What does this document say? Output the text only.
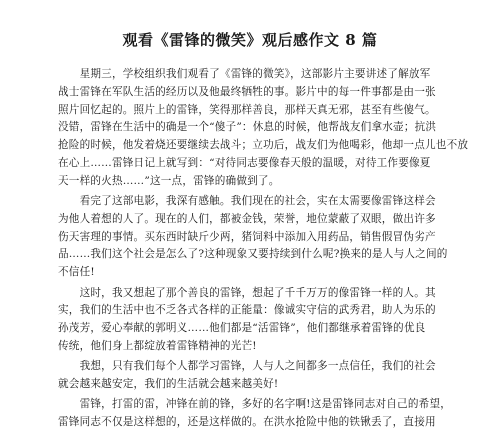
观看《雷锋的微笑》观后感作文 8 篇
　　星期三，学校组织我们观看了《雷锋的微笑》，这部影片主要讲述了解放军
战士雷锋在军队生活的经历以及他最终牺牲的事。影片中的每一件事都是由一张
照片回忆起的。照片上的雷锋，笑得那样善良，那样天真无邪，甚至有些傻气。
没错，雷锋在生活中的确是一个“傻子”：休息的时候，他帮战友们拿水壶；抗洪
抢险的时候，他发着烧还要继续去战斗；立功后，战友们为他喝彩，他却一点儿也不放
在心上……雷锋日记上就写到：“对待同志要像春天般的温暖，对待工作要像夏
天一样的火热……”这一点，雷锋的确做到了。
　　看完了这部电影，我深有感触。我们现在的社会，实在太需要像雷锋这样会
为他人着想的人了。现在的人们，都被金钱，荣誉，地位蒙蔽了双眼，做出许多
伤天害理的事情。买东西时缺斤少两，猪饲料中添加入用药品，销售假冒伪劣产
品……我们这个社会是怎么了?这种现象又要持续到什么呢?换来的是人与人之间的
不信任!
　　这时，我又想起了那个善良的雷锋，想起了千千万万的像雷锋一样的人。其
实，我们的生活中也不乏各式各样的正能量：像诚实守信的武秀君，助人为乐的
孙茂芳，爱心奉献的郭明义……他们都是“活雷锋”，他们都继承着雷锋的优良
传统，他们身上都绽放着雷锋精神的光芒!
　　我想，只有我们每个人都学习雷锋，人与人之间都多一点信任，我们的社会
就会越来越安定，我们的生活就会越来越美好!
　　雷锋，打雷的雷，冲锋在前的锋，多好的名字啊!这是雷锋同志对自己的希望，
雷锋同志不仅是这样想的，还是这样做的。在洪水抢险中他的铁锹丢了，直接用
